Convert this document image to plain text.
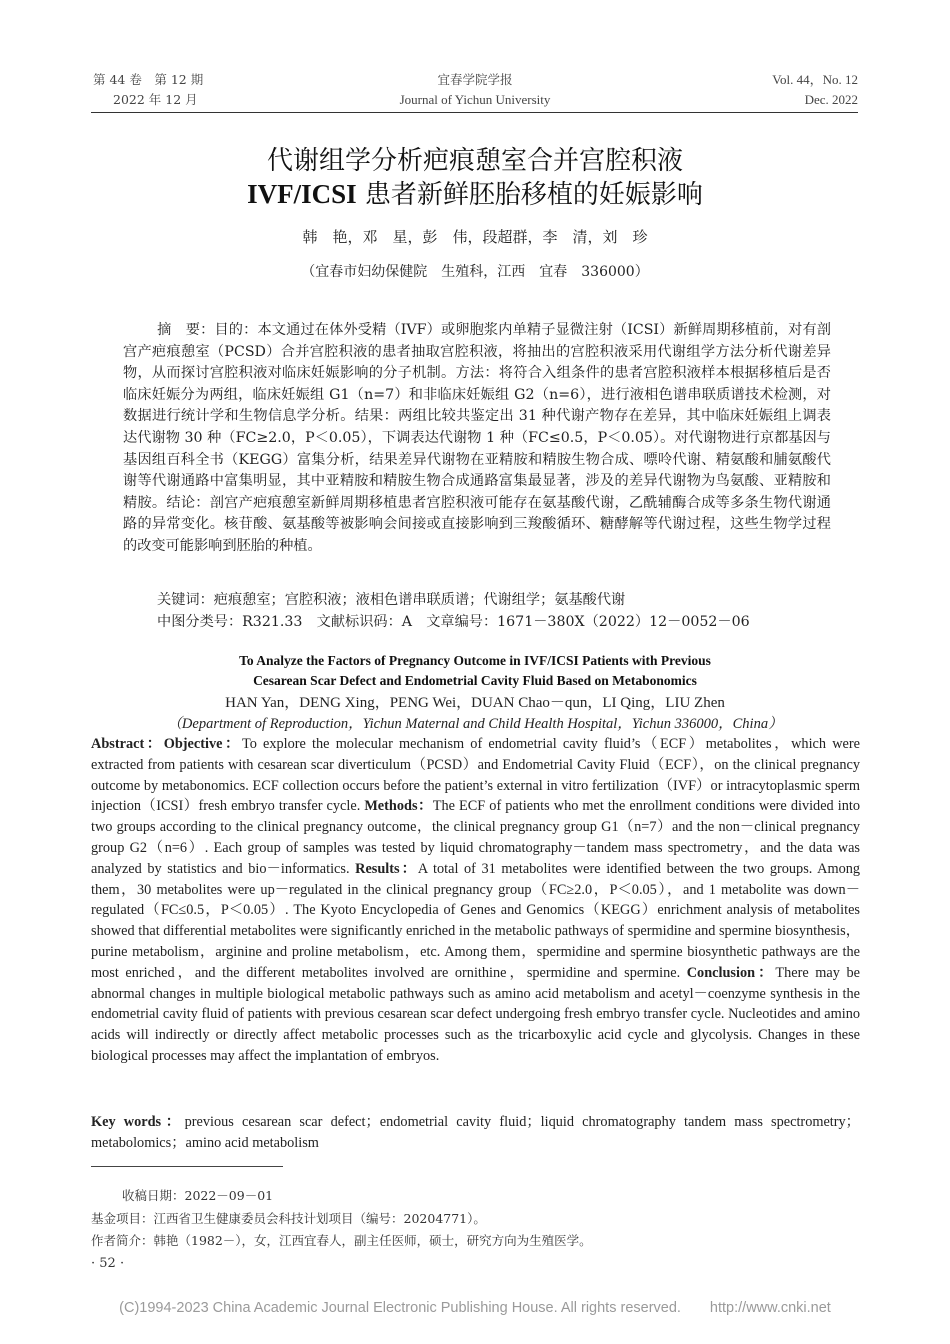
第 44 卷　第 12 期
2022 年 12 月
宜春学院学报
Journal of Yichun University
Vol. 44，No. 12
Dec. 2022
代谢组学分析疤痕憩室合并宫腔积液
IVF/ICSI 患者新鲜胚胎移植的妊娠影响
韩　艳，邓　星，彭　伟，段超群，李　清，刘　珍
（宜春市妇幼保健院　生殖科，江西　宜春　336000）
摘　要：目的：本文通过在体外受精（IVF）或卵胞浆内单精子显微注射（ICSI）新鲜周期移植前，对有剖宫产疤痕憩室（PCSD）合并宫腔积液的患者抽取宫腔积液，将抽出的宫腔积液采用代谢组学方法分析代谢差异物，从而探讨宫腔积液对临床妊娠影响的分子机制。方法：将符合入组条件的患者宫腔积液样本根据移植后是否临床妊娠分为两组，临床妊娠组 G1（n=7）和非临床妊娠组 G2（n=6），进行液相色谱串联质谱技术检测，对数据进行统计学和生物信息学分析。结果：两组比较共鉴定出 31 种代谢产物存在差异，其中临床妊娠组上调表达代谢物 30 种（FC≥2.0，P＜0.05），下调表达代谢物 1 种（FC≤0.5，P＜0.05）。对代谢物进行京都基因与基因组百科全书（KEGG）富集分析，结果差异代谢物在亚精胺和精胺生物合成、嘌呤代谢、精氨酸和脯氨酸代谢等代谢通路中富集明显，其中亚精胺和精胺生物合成通路富集最显著，涉及的差异代谢物为鸟氨酸、亚精胺和精胺。结论：剖宫产疤痕憩室新鲜周期移植患者宫腔积液可能存在氨基酸代谢，乙酰辅酶合成等多条生物代谢通路的异常变化。核苷酸、氨基酸等被影响会间接或直接影响到三羧酸循环、糖酵解等代谢过程，这些生物学过程的改变可能影响到胚胎的种植。
关键词：疤痕憩室；宫腔积液；液相色谱串联质谱；代谢组学；氨基酸代谢
中图分类号：R321.33　文献标识码：A　文章编号：1671－380X（2022）12－0052－06
To Analyze the Factors of Pregnancy Outcome in IVF/ICSI Patients with Previous
Cesarean Scar Defect and Endometrial Cavity Fluid Based on Metabonomics
HAN Yan，DENG Xing，PENG Wei，DUAN Chao－qun，LI Qing，LIU Zhen
（Department of Reproduction，Yichun Maternal and Child Health Hospital，Yichun 336000，China）
Abstract：Objective：To explore the molecular mechanism of endometrial cavity fluid’s（ECF）metabolites，which were extracted from patients with cesarean scar diverticulum（PCSD）and Endometrial Cavity Fluid（ECF），on the clinical pregnancy outcome by metabonomics. ECF collection occurs before the patient’s external in vitro fertilization（IVF）or intracytoplasmic sperm injection（ICSI）fresh embryo transfer cycle. Methods：The ECF of patients who met the enrollment conditions were divided into two groups according to the clinical pregnancy outcome，the clinical pregnancy group G1（n=7）and the non－clinical pregnancy group G2（n=6）. Each group of samples was tested by liquid chromatography－tandem mass spectrometry，and the data was analyzed by statistics and bio－informatics. Results：A total of 31 metabolites were identified between the two groups. Among them，30 metabolites were up－regulated in the clinical pregnancy group（FC≥2.0，P＜0.05），and 1 metabolite was down－regulated（FC≤0.5，P＜0.05）. The Kyoto Encyclopedia of Genes and Genomics（KEGG）enrichment analysis of metabolites showed that differential metabolites were significantly enriched in the metabolic pathways of spermidine and spermine biosynthesis，purine metabolism，arginine and proline metabolism，etc. Among them，spermidine and spermine biosynthetic pathways are the most enriched，and the different metabolites involved are ornithine，spermidine and spermine. Conclusion：There may be abnormal changes in multiple biological metabolic pathways such as amino acid metabolism and acetyl－coenzyme synthesis in the endometrial cavity fluid of patients with previous cesarean scar defect undergoing fresh embryo transfer cycle. Nucleotides and amino acids will indirectly or directly affect metabolic processes such as the tricarboxylic acid cycle and glycolysis. Changes in these biological processes may affect the implantation of embryos.
Key words：previous cesarean scar defect；endometrial cavity fluid；liquid chromatography tandem mass spectrometry；metabolomics；amino acid metabolism
收稿日期：2022－09－01
基金项目：江西省卫生健康委员会科技计划项目（编号：20204771）。
作者简介：韩艳（1982－），女，江西宜春人，副主任医师，硕士，研究方向为生殖医学。
· 52 ·
(C)1994-2023 China Academic Journal Electronic Publishing House. All rights reserved.　　http://www.cnki.net
